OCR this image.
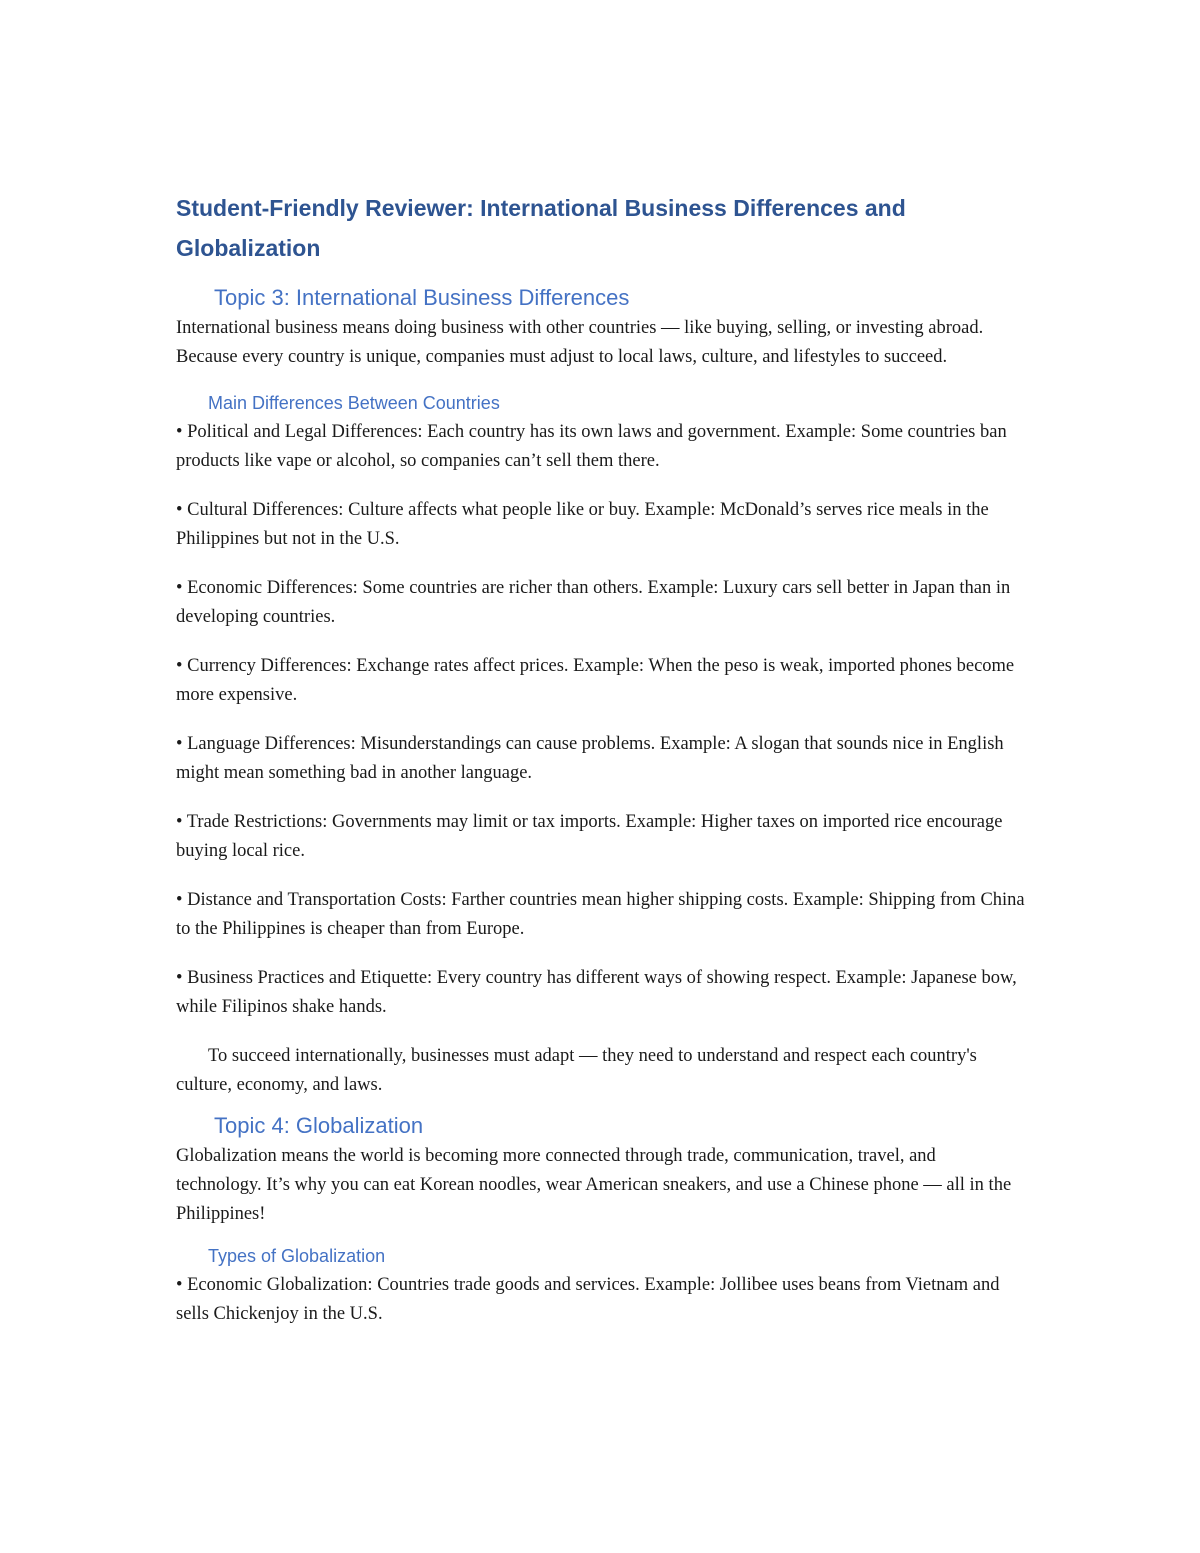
Student-Friendly Reviewer: International Business Differences and Globalization
Topic 3: International Business Differences

International business means doing business with other countries — like buying, selling, or investing abroad. Because every country is unique, companies must adjust to local laws, culture, and lifestyles to succeed.

Main Differences Between Countries
• Political and Legal Differences: Each country has its own laws and government. Example: Some countries ban products like vape or alcohol, so companies can’t sell them there.
• Cultural Differences: Culture affects what people like or buy. Example: McDonald’s serves rice meals in the Philippines but not in the U.S.
• Economic Differences: Some countries are richer than others. Example: Luxury cars sell better in Japan than in developing countries.
• Currency Differences: Exchange rates affect prices. Example: When the peso is weak, imported phones become more expensive.
• Language Differences: Misunderstandings can cause problems. Example: A slogan that sounds nice in English might mean something bad in another language.
• Trade Restrictions: Governments may limit or tax imports. Example: Higher taxes on imported rice encourage buying local rice.
• Distance and Transportation Costs: Farther countries mean higher shipping costs. Example: Shipping from China to the Philippines is cheaper than from Europe.
• Business Practices and Etiquette: Every country has different ways of showing respect. Example: Japanese bow, while Filipinos shake hands.

To succeed internationally, businesses must adapt — they need to understand and respect each country's culture, economy, and laws.

Topic 4: Globalization

Globalization means the world is becoming more connected through trade, communication, travel, and technology. It’s why you can eat Korean noodles, wear American sneakers, and use a Chinese phone — all in the Philippines!

Types of Globalization
• Economic Globalization: Countries trade goods and services. Example: Jollibee uses beans from Vietnam and sells Chickenjoy in the U.S.
